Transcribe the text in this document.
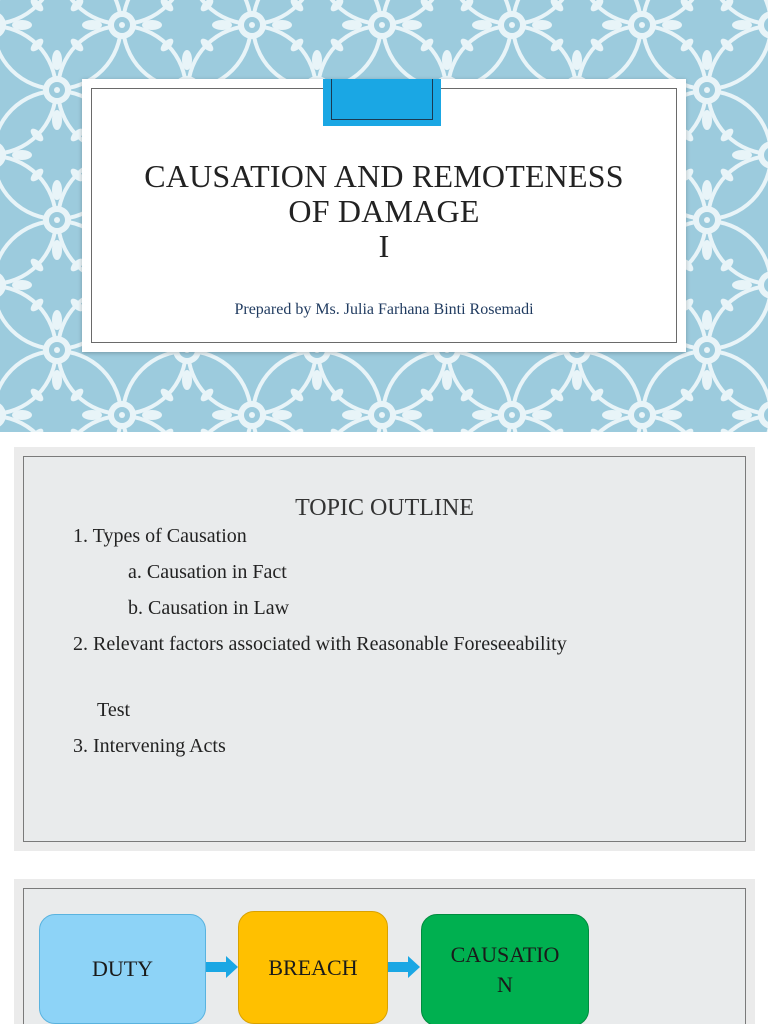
CAUSATION AND REMOTENESS
OF DAMAGE
I
Prepared by Ms. Julia Farhana Binti Rosemadi
TOPIC OUTLINE
1. Types of Causation
a. Causation in Fact
b. Causation in Law
2. Relevant factors associated with Reasonable Foreseeability
Test
3. Intervening Acts
DUTY	BREACH	CAUSATIO
N
